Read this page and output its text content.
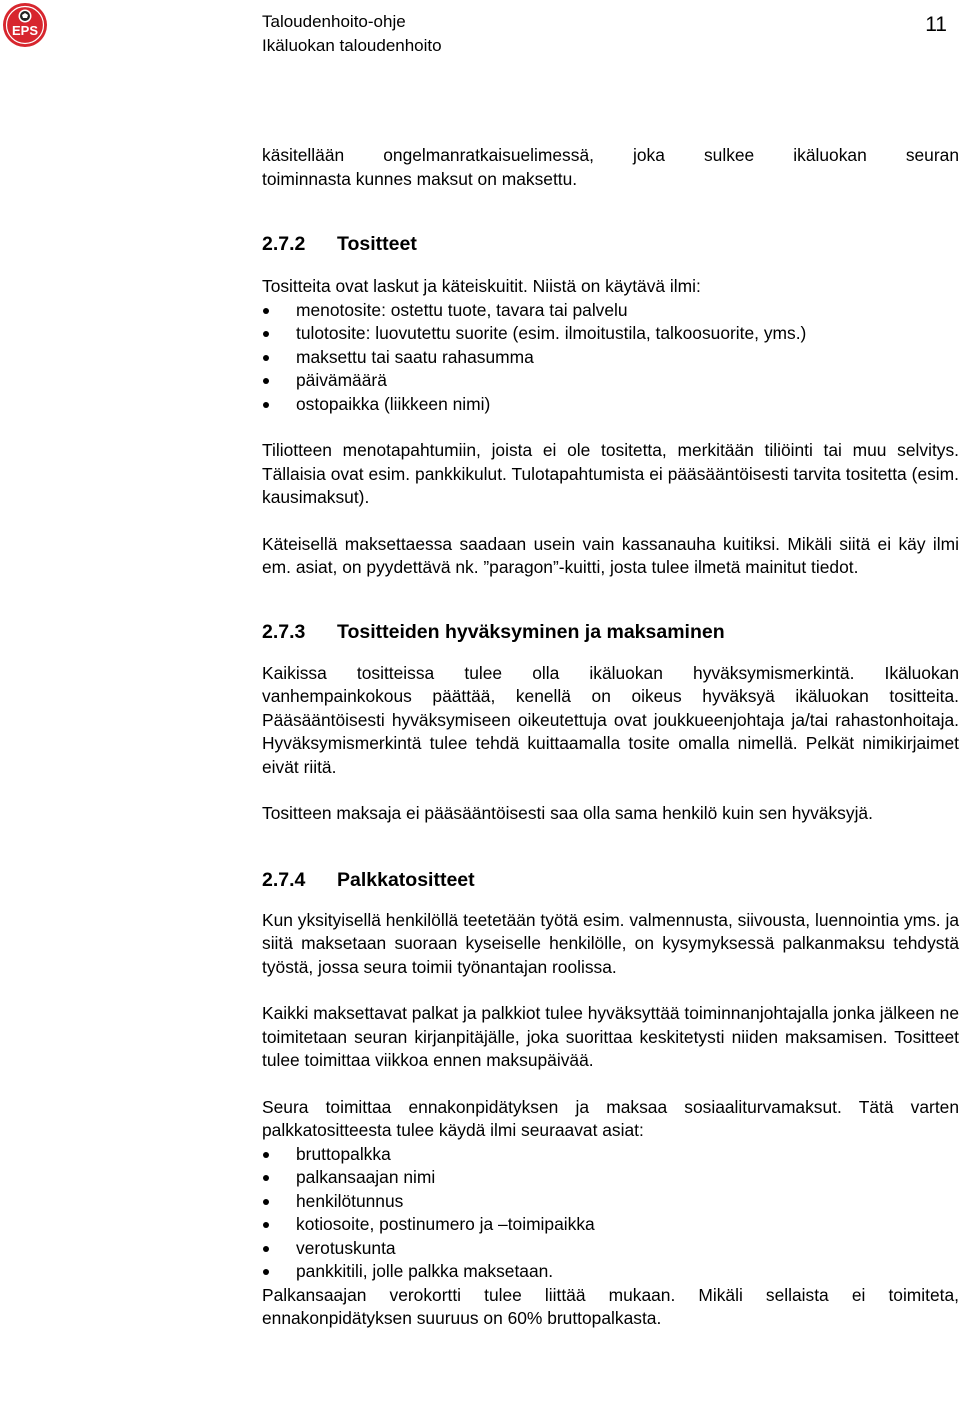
EPS	Taloudenhoito-ohje
Ikäluokan taloudenhoito
11

käsitellään ongelmanratkaisuelimessä, joka sulkee ikäluokan seuran

toiminnasta kunnes maksut on maksettu.

2.7.2	Tositteet

Tositteita ovat laskut ja käteiskuitit. Niistä on käytävä ilmi:

menotosite: ostettu tuote, tavara tai palvelu
tulotosite: luovutettu suorite (esim. ilmoitustila, talkoosuorite, yms.)
maksettu tai saatu rahasumma
päivämäärä
ostopaikka (liikkeen nimi)

Tiliotteen menotapahtumiin, joista ei ole tositetta, merkitään tiliöinti tai muu selvitys. Tällaisia ovat esim. pankkikulut. Tulotapahtumista ei pääsääntöisesti tarvita tositetta (esim. kausimaksut).

Käteisellä maksettaessa saadaan usein vain kassanauha kuitiksi. Mikäli siitä ei käy ilmi em. asiat, on pyydettävä nk. ”paragon”-kuitti, josta tulee ilmetä mainitut tiedot.

2.7.3	Tositteiden hyväksyminen ja maksaminen

Kaikissa tositteissa tulee olla ikäluokan hyväksymismerkintä. Ikäluokan vanhempainkokous päättää, kenellä on oikeus hyväksyä ikäluokan tositteita. Pääsääntöisesti hyväksymiseen oikeutettuja ovat joukkueenjohtaja ja/tai rahastonhoitaja. Hyväksymismerkintä tulee tehdä kuittaamalla tosite omalla nimellä. Pelkät nimikirjaimet eivät riitä.

Tositteen maksaja ei pääsääntöisesti saa olla sama henkilö kuin sen hyväksyjä.

2.7.4	Palkkatositteet

Kun yksityisellä henkilöllä teetetään työtä esim. valmennusta, siivousta, luennointia yms. ja siitä maksetaan suoraan kyseiselle henkilölle, on kysymyksessä palkanmaksu tehdystä työstä, jossa seura toimii työnantajan roolissa.

Kaikki maksettavat palkat ja palkkiot tulee hyväksyttää toiminnanjohtajalla jonka jälkeen ne toimitetaan seuran kirjanpitäjälle, joka suorittaa keskitetysti niiden maksamisen. Tositteet tulee toimittaa viikkoa ennen maksupäivää.

Seura toimittaa ennakonpidätyksen ja maksaa sosiaaliturvamaksut. Tätä varten palkkatositteesta tulee käydä ilmi seuraavat asiat:

bruttopalkka
palkansaajan nimi
henkilötunnus
kotiosoite, postinumero ja –toimipaikka
verotuskunta
pankkitili, jolle palkka maksetaan.

Palkansaajan verokortti tulee liittää mukaan. Mikäli sellaista ei toimiteta, ennakonpidätyksen suuruus on 60% bruttopalkasta.
